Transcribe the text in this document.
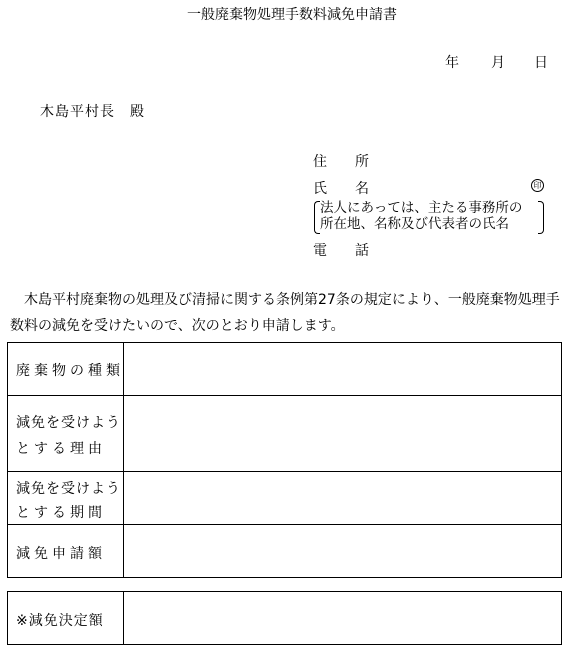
一般廃棄物処理手数料減免申請書
年 月 日
木島平村長　殿
住　　所
氏　　名	印
法人にあっては、主たる事務所の
所在地、名称及び代表者の氏名
電　　話
　木島平村廃棄物の処理及び清掃に関する条例第27条の規定により、一般廃棄物処理手
数料の減免を受けたいので、次のとおり申請します。
廃棄物の種類
減免を受けよう
とする理由
減免を受けよう
とする期間
減免申請額
※減免決定額
